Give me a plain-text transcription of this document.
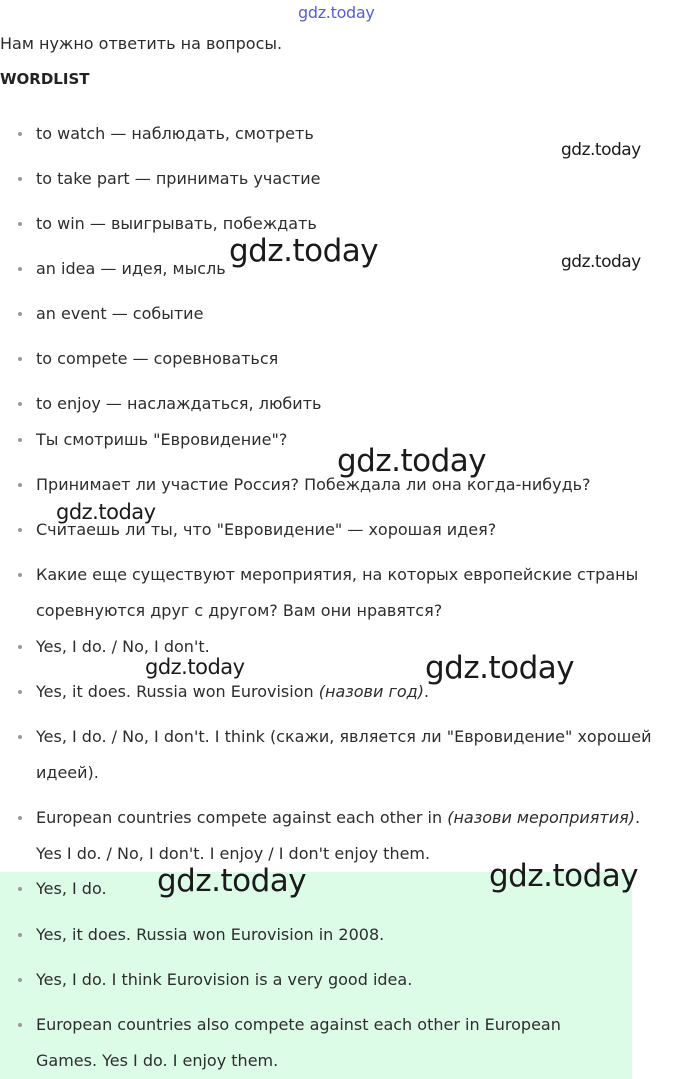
gdz.today
Нам нужно ответить на вопросы.
WORDLIST
to watch — наблюдать, смотреть
to take part — принимать участие
to win — выигрывать, побеждать
an idea — идея, мысль
an event — событие
to compete — соревноваться
to enjoy — наслаждаться, любить
Ты смотришь "Евровидение"?
Принимает ли участие Россия? Побеждала ли она когда-нибудь?
Считаешь ли ты, что "Евровидение" — хорошая идея?
Какие еще существуют мероприятия, на которых европейские страны соревнуются друг с другом? Вам они нравятся?
Yes, I do. / No, I don't.
Yes, it does. Russia won Eurovision (назови год).
Yes, I do. / No, I don't. I think (скажи, является ли "Евровидение" хорошей идеей).
European countries compete against each other in (назови мероприятия). Yes I do. / No, I don't. I enjoy / I don't enjoy them.
Yes, I do.
Yes, it does. Russia won Eurovision in 2008.
Yes, I do. I think Eurovision is a very good idea.
European countries also compete against each other in European Games. Yes I do. I enjoy them.
gdz.today
gdz.today	gdz.today
gdz.today
gdz.today
gdz.today	gdz.today
gdz.today	gdz.today
